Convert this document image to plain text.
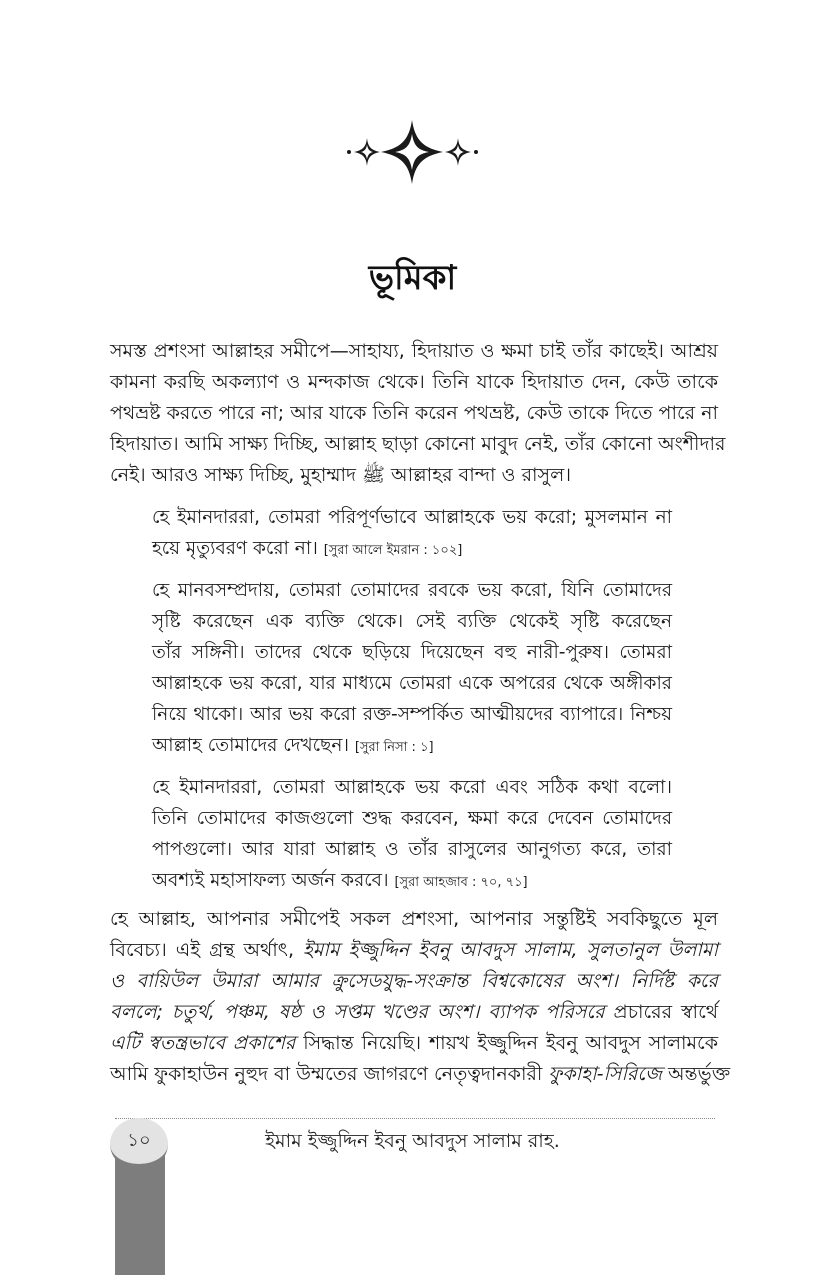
ভূমিকা
সমস্ত প্রশংসা আল্লাহর সমীপে—সাহায্য, হিদায়াত ও ক্ষমা চাই তাঁর কাছেই। আশ্রয়
কামনা করছি অকল্যাণ ও মন্দকাজ থেকে। তিনি যাকে হিদায়াত দেন, কেউ তাকে
পথভ্রষ্ট করতে পারে না; আর যাকে তিনি করেন পথভ্রষ্ট, কেউ তাকে দিতে পারে না
হিদায়াত। আমি সাক্ষ্য দিচ্ছি, আল্লাহ ছাড়া কোনো মাবুদ নেই, তাঁর কোনো অংশীদার
নেই। আরও সাক্ষ্য দিচ্ছি, মুহাম্মাদ ﷺ আল্লাহর বান্দা ও রাসুল।
হে ইমানদাররা, তোমরা পরিপূর্ণভাবে আল্লাহকে ভয় করো; মুসলমান না
হয়ে মৃত্যুবরণ করো না। [সুরা আলে ইমরান : ১০২]
হে মানবসম্প্রদায়, তোমরা তোমাদের রবকে ভয় করো, যিনি তোমাদের
সৃষ্টি করেছেন এক ব্যক্তি থেকে। সেই ব্যক্তি থেকেই সৃষ্টি করেছেন
তাঁর সঙ্গিনী। তাদের থেকে ছড়িয়ে দিয়েছেন বহু নারী-পুরুষ। তোমরা
আল্লাহকে ভয় করো, যার মাধ্যমে তোমরা একে অপরের থেকে অঙ্গীকার
নিয়ে থাকো। আর ভয় করো রক্ত-সম্পর্কিত আত্মীয়দের ব্যাপারে। নিশ্চয়
আল্লাহ তোমাদের দেখছেন। [সুরা নিসা : ১]
হে ইমানদাররা, তোমরা আল্লাহকে ভয় করো এবং সঠিক কথা বলো।
তিনি তোমাদের কাজগুলো শুদ্ধ করবেন, ক্ষমা করে দেবেন তোমাদের
পাপগুলো। আর যারা আল্লাহ ও তাঁর রাসুলের আনুগত্য করে, তারা
অবশ্যই মহাসাফল্য অর্জন করবে। [সুরা আহজাব : ৭০, ৭১]
হে আল্লাহ, আপনার সমীপেই সকল প্রশংসা, আপনার সন্তুষ্টিই সবকিছুতে মূল
বিবেচ্য। এই গ্রন্থ অর্থাৎ, ইমাম ইজ্জুদ্দিন ইবনু আবদুস সালাম, সুলতানুল উলামা
ও বায়িউল উমারা আমার ক্রুসেডযুদ্ধ-সংক্রান্ত বিশ্বকোষের অংশ। নির্দিষ্ট করে
বললে; চতুর্থ, পঞ্চম, ষষ্ঠ ও সপ্তম খণ্ডের অংশ। ব্যাপক পরিসরে প্রচারের স্বার্থে
এটি স্বতন্ত্রভাবে প্রকাশের সিদ্ধান্ত নিয়েছি। শায়খ ইজ্জুদ্দিন ইবনু আবদুস সালামকে
আমি ফুকাহাউন নুহুদ বা উম্মতের জাগরণে নেতৃত্বদানকারী ফুকাহা-সিরিজে অন্তর্ভুক্ত
১০	ইমাম ইজ্জুদ্দিন ইবনু আবদুস সালাম রাহ.
